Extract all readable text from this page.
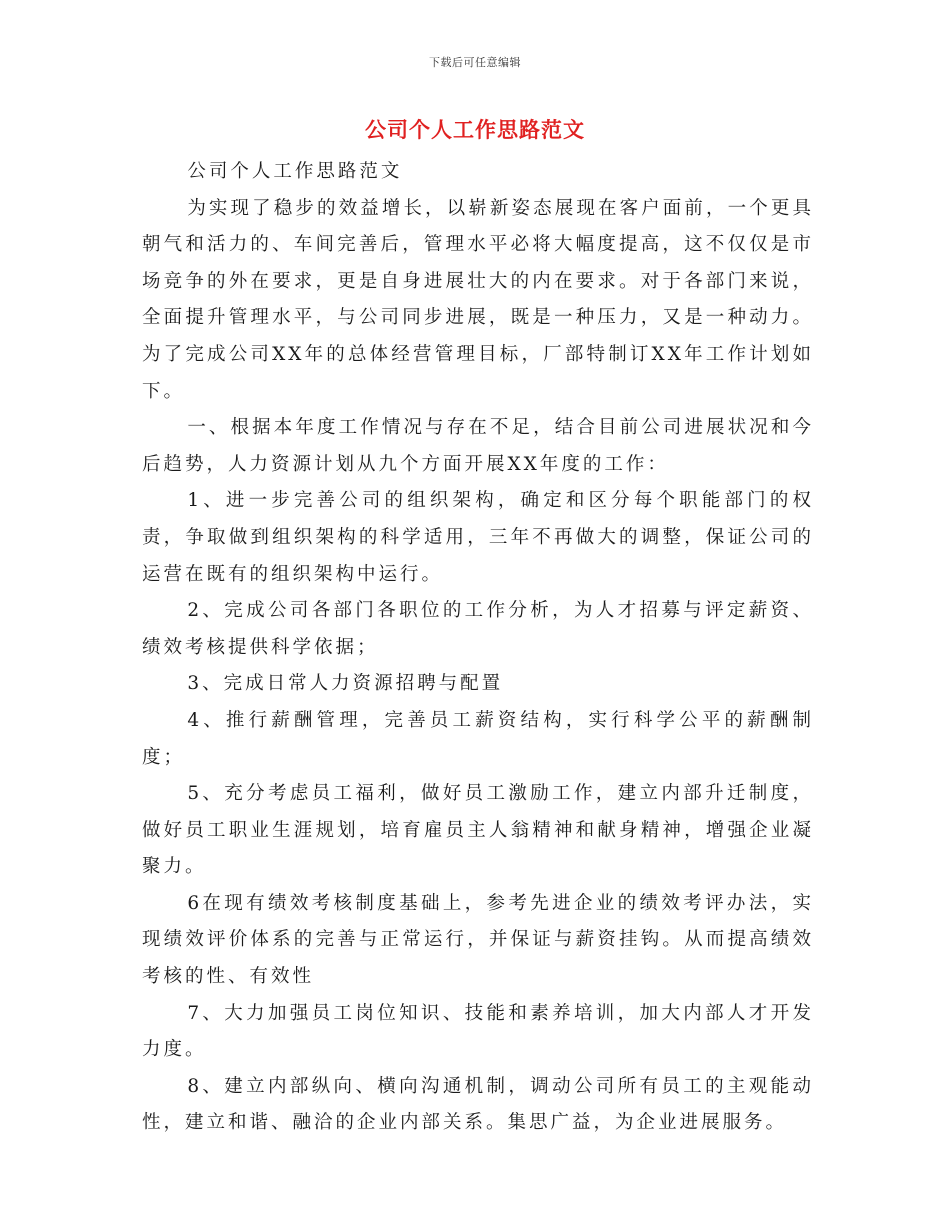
下载后可任意编辑
公司个人工作思路范文

公司个人工作思路范文

为实现了稳步的效益增长，以崭新姿态展现在客户面前，一个更具朝气和活力的、车间完善后，管理水平必将大幅度提高，这不仅仅是市场竞争的外在要求，更是自身进展壮大的内在要求。对于各部门来说，全面提升管理水平，与公司同步进展，既是一种压力，又是一种动力。为了完成公司XX年的总体经营管理目标，厂部特制订XX年工作计划如下。

一、根据本年度工作情况与存在不足，结合目前公司进展状况和今后趋势，人力资源计划从九个方面开展XX年度的工作：

1、进一步完善公司的组织架构，确定和区分每个职能部门的权责，争取做到组织架构的科学适用，三年不再做大的调整，保证公司的运营在既有的组织架构中运行。

2、完成公司各部门各职位的工作分析，为人才招募与评定薪资、绩效考核提供科学依据；

3、完成日常人力资源招聘与配置

4、推行薪酬管理，完善员工薪资结构，实行科学公平的薪酬制度；

5、充分考虑员工福利，做好员工激励工作，建立内部升迁制度，做好员工职业生涯规划，培育雇员主人翁精神和献身精神，增强企业凝聚力。

6在现有绩效考核制度基础上，参考先进企业的绩效考评办法，实现绩效评价体系的完善与正常运行，并保证与薪资挂钩。从而提高绩效考核的性、有效性

7、大力加强员工岗位知识、技能和素养培训，加大内部人才开发力度。

8、建立内部纵向、横向沟通机制，调动公司所有员工的主观能动性，建立和谐、融洽的企业内部关系。集思广益，为企业进展服务。
